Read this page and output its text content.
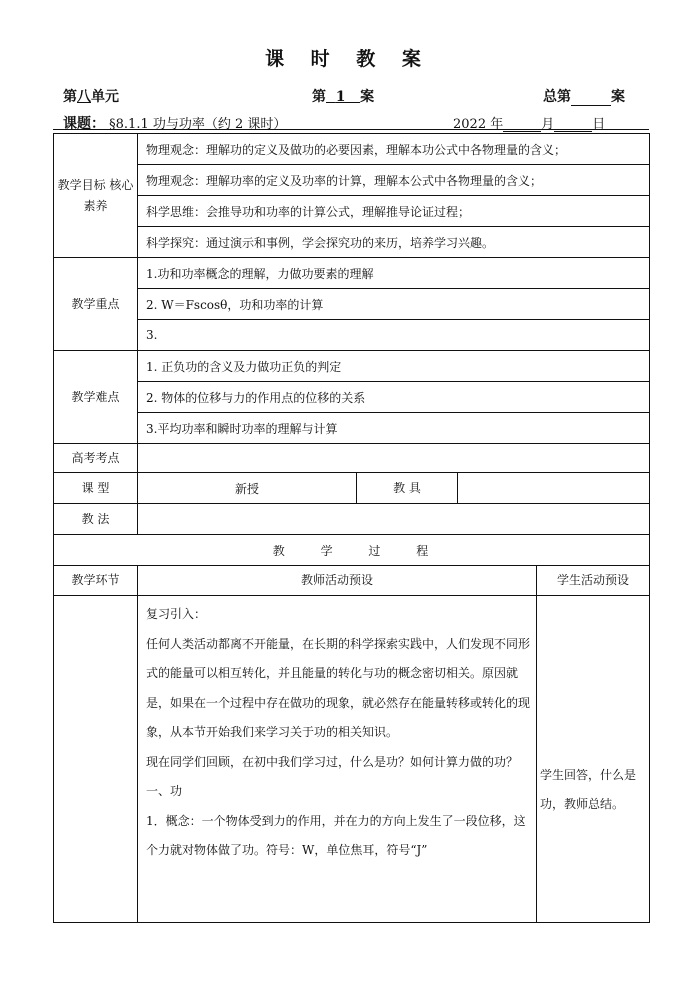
课 时 教 案
第八单元	第 1 案	总第	案
课题： §8.1.1 功与功率（约 2 课时）	2022 年	月	日
教学目标 核心素养	物理观念：理解功的定义及做功的必要因素，理解本功公式中各物理量的含义；			
	物理观念：理解功率的定义及功率的计算，理解本公式中各物理量的含义；			
	科学思维：会推导功和功率的计算公式，理解推导论证过程；			
	科学探究：通过演示和事例，学会探究功的来历，培养学习兴趣。			
教学重点	1.功和功率概念的理解，力做功要素的理解			
	2. W＝Fscosθ，功和功率的计算			
	3.			
教学难点	1. 正负功的含义及力做功正负的判定			
	2. 物体的位移与力的作用点的位移的关系			
	3.平均功率和瞬时功率的理解与计算			
高考考点				
课 型	新授	教 具		
教 法				
教 学 过 程				
教学环节	教师活动预设			学生活动预设

	复习引入：

任何人类活动都离不开能量，在长期的科学探索实践中，人们发现不同形式的能量可以相互转化，并且能量的转化与功的概念密切相关。原因就是，如果在一个过程中存在做功的现象，就必然存在能量转移或转化的现象，从本节开始我们来学习关于功的相关知识。

现在同学们回顾，在初中我们学习过，什么是功？如何计算力做的功？

一、功

1．概念：一个物体受到力的作用，并在力的方向上发生了一段位移，这个力就对物体做了功。符号：W，单位焦耳，符号“J”			学生回答，什么是功，教师总结。
